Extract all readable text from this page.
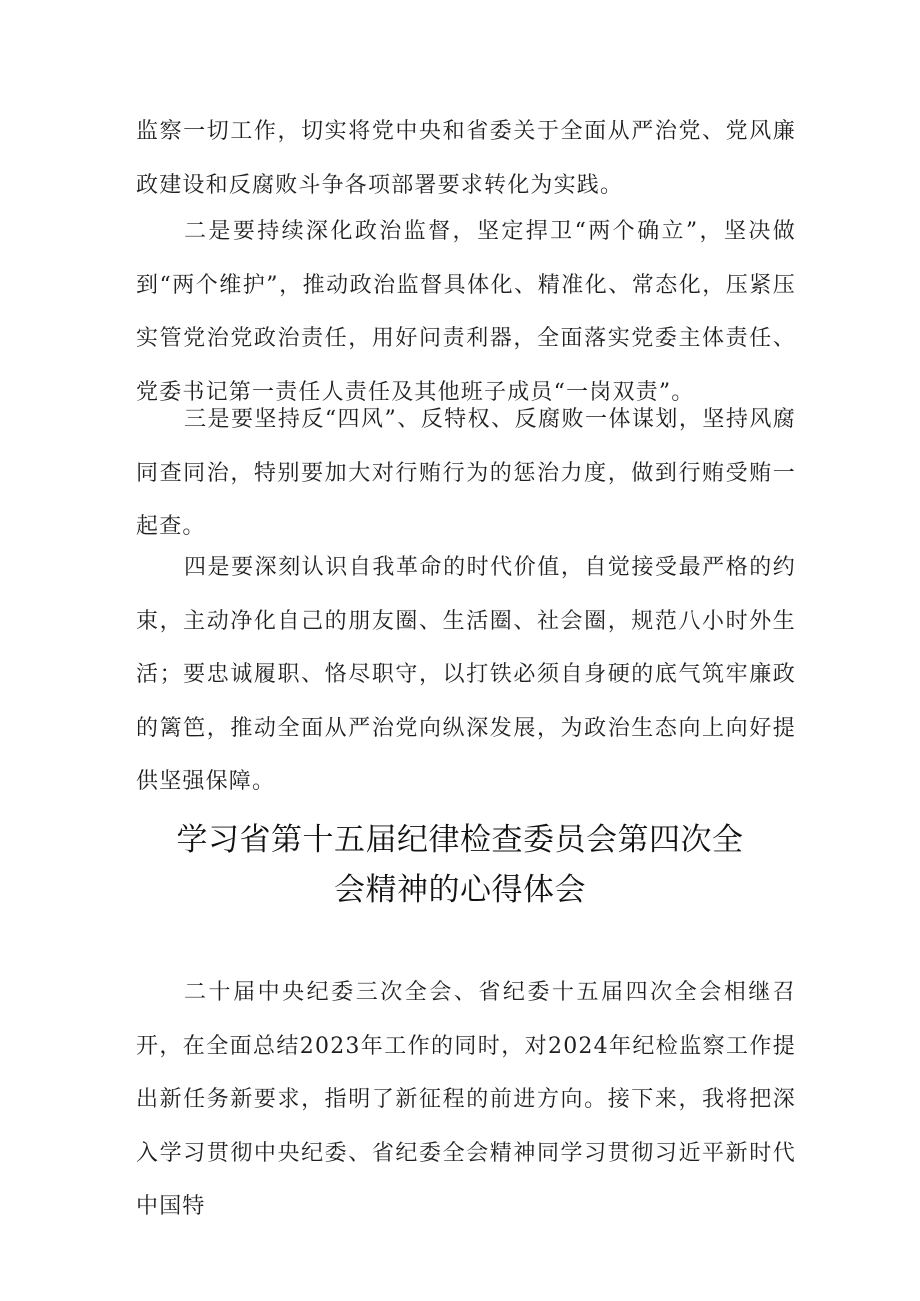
监察一切工作，切实将党中央和省委关于全面从严治党、党风廉政建设和反腐败斗争各项部署要求转化为实践。

二是要持续深化政治监督，坚定捍卫“两个确立”，坚决做到“两个维护”，推动政治监督具体化、精准化、常态化，压紧压实管党治党政治责任，用好问责利器，全面落实党委主体责任、党委书记第一责任人责任及其他班子成员“一岗双责”。

三是要坚持反“四风”、反特权、反腐败一体谋划，坚持风腐同查同治，特别要加大对行贿行为的惩治力度，做到行贿受贿一起查。

四是要深刻认识自我革命的时代价值，自觉接受最严格的约束，主动净化自己的朋友圈、生活圈、社会圈，规范八小时外生活；要忠诚履职、恪尽职守，以打铁必须自身硬的底气筑牢廉政的篱笆，推动全面从严治党向纵深发展，为政治生态向上向好提供坚强保障。

学习省第十五届纪律检查委员会第四次全
会精神的心得体会

二十届中央纪委三次全会、省纪委十五届四次全会相继召开，在全面总结2023年工作的同时，对2024年纪检监察工作提出新任务新要求，指明了新征程的前进方向。接下来，我将把深入学习贯彻中央纪委、省纪委全会精神同学习贯彻习近平新时代中国特
